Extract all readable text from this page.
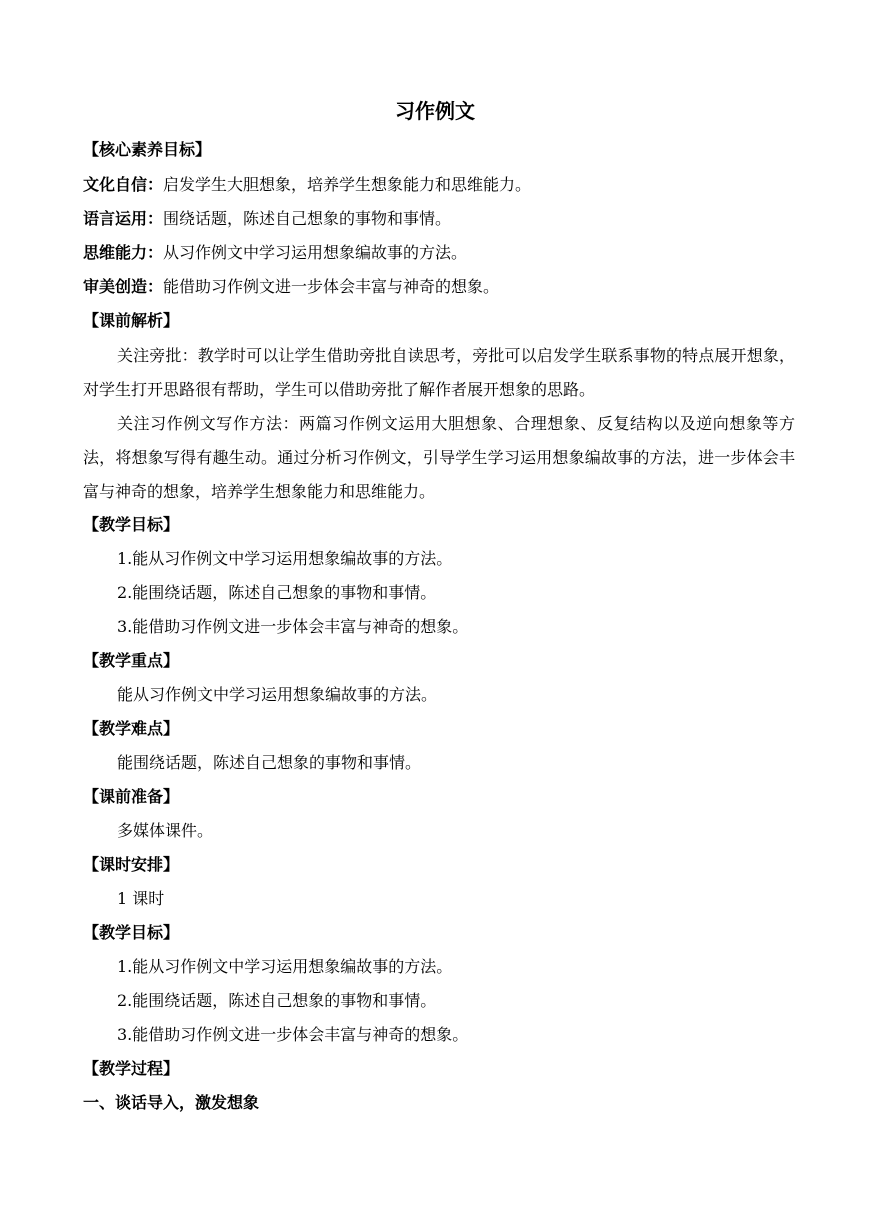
习作例文
【核心素养目标】
文化自信：启发学生大胆想象，培养学生想象能力和思维能力。
语言运用：围绕话题，陈述自己想象的事物和事情。
思维能力：从习作例文中学习运用想象编故事的方法。
审美创造：能借助习作例文进一步体会丰富与神奇的想象。
【课前解析】
关注旁批：教学时可以让学生借助旁批自读思考，旁批可以启发学生联系事物的特点展开想象，对学生打开思路很有帮助，学生可以借助旁批了解作者展开想象的思路。
关注习作例文写作方法：两篇习作例文运用大胆想象、合理想象、反复结构以及逆向想象等方法，将想象写得有趣生动。通过分析习作例文，引导学生学习运用想象编故事的方法，进一步体会丰富与神奇的想象，培养学生想象能力和思维能力。
【教学目标】
1.能从习作例文中学习运用想象编故事的方法。
2.能围绕话题，陈述自己想象的事物和事情。
3.能借助习作例文进一步体会丰富与神奇的想象。
【教学重点】
能从习作例文中学习运用想象编故事的方法。
【教学难点】
能围绕话题，陈述自己想象的事物和事情。
【课前准备】
多媒体课件。
【课时安排】
1 课时
【教学目标】
1.能从习作例文中学习运用想象编故事的方法。
2.能围绕话题，陈述自己想象的事物和事情。
3.能借助习作例文进一步体会丰富与神奇的想象。
【教学过程】
一、谈话导入，激发想象
